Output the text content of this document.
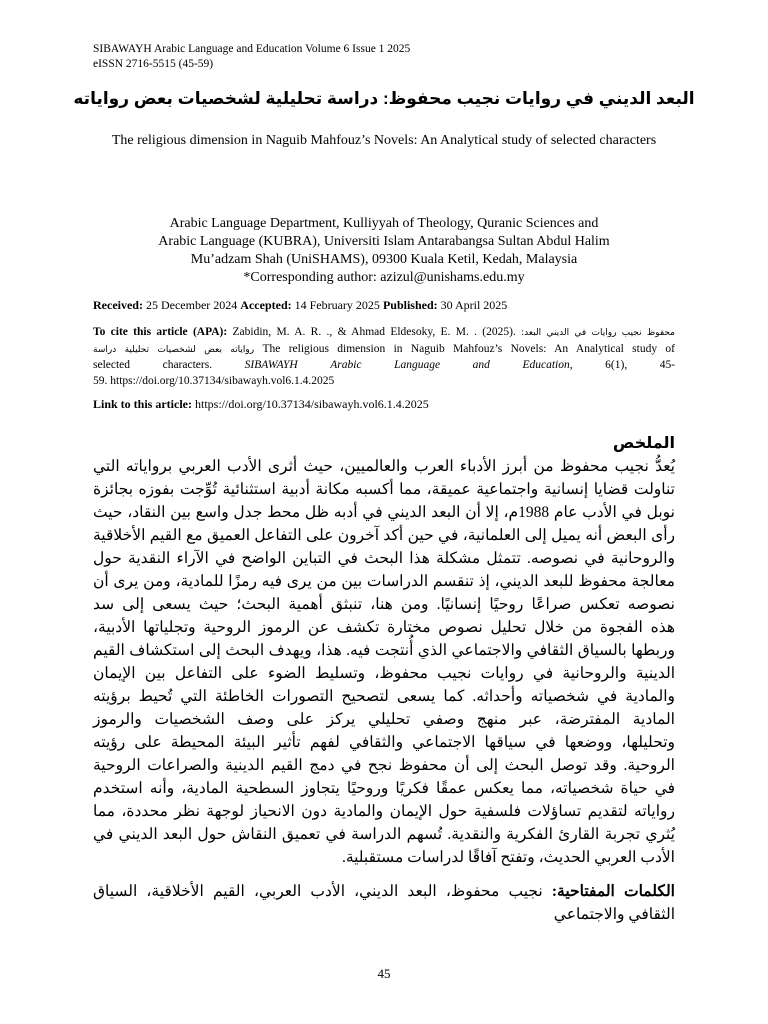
SIBAWAYH Arabic Language and Education Volume 6 Issue 1 2025
eISSN 2716-5515 (45-59)
البعد الديني في روايات نجيب محفوظ: دراسة تحليلية لشخصيات بعض رواياته
The religious dimension in Naguib Mahfouz’s Novels: An Analytical study of selected characters
Arabic Language Department, Kulliyyah of Theology, Quranic Sciences and
Arabic Language (KUBRA), Universiti Islam Antarabangsa Sultan Abdul Halim
Mu’adzam Shah (UniSHAMS), 09300 Kuala Ketil, Kedah, Malaysia
*Corresponding author: azizul@unishams.edu.my
Received: 25 December 2024 Accepted: 14 February 2025 Published: 30 April 2025
To cite this article (APA): Zabidin, M. A. R. ., & Ahmad Eldesoky, E. M. . (2025). محفوظ نجيب روايات في الديني البعد:
رواياته بعض لشخصيات تحليلية دراسة The religious dimension in Naguib Mahfouz’s Novels: An Analytical study of
selected	characters.	SIBAWAYH	Arabic	Language	and	Education,	6(1),	45-
59. https://doi.org/10.37134/sibawayh.vol6.1.4.2025
Link to this article: https://doi.org/10.37134/sibawayh.vol6.1.4.2025
الملخص
يُعدُّ نجيب محفوظ من أبرز الأدباء العرب والعالميين، حيث أثرى الأدب العربي برواياته التي
تناولت قضايا إنسانية واجتماعية عميقة، مما أكسبه مكانة أدبية استثنائية تُوِّجت بفوزه بجائزة
نوبل في الأدب عام 1988م، إلا أن البعد الديني في أدبه ظل محط جدل واسع بين النقاد، حيث
رأى البعض أنه يميل إلى العلمانية، في حين أكد آخرون على التفاعل العميق مع القيم الأخلاقية
والروحانية في نصوصه. تتمثل مشكلة هذا البحث في التباين الواضح في الآراء النقدية حول
معالجة محفوظ للبعد الديني، إذ تنقسم الدراسات بين من يرى فيه رمزًا للمادية، ومن يرى أن
نصوصه تعكس صراعًا روحيًا إنسانيًا. ومن هنا، تنبثق أهمية البحث؛ حيث يسعى إلى سد
هذه الفجوة من خلال تحليل نصوص مختارة تكشف عن الرموز الروحية وتجلياتها الأدبية،
وربطها بالسياق الثقافي والاجتماعي الذي أُنتجت فيه. هذا، ويهدف البحث إلى استكشاف القيم
الدينية والروحانية في روايات نجيب محفوظ، وتسليط الضوء على التفاعل بين الإيمان
والمادية في شخصياته وأحداثه. كما يسعى لتصحيح التصورات الخاطئة التي تُحيط برؤيته
المادية المفترضة، عبر منهج وصفي تحليلي يركز على وصف الشخصيات والرموز
وتحليلها، ووضعها في سياقها الاجتماعي والثقافي لفهم تأثير البيئة المحيطة على رؤيته
الروحية. وقد توصل البحث إلى أن محفوظ نجح في دمج القيم الدينية والصراعات الروحية
في حياة شخصياته، مما يعكس عمقًا فكريًا وروحيًا يتجاوز السطحية المادية، وأنه استخدم
رواياته لتقديم تساؤلات فلسفية حول الإيمان والمادية دون الانحياز لوجهة نظر محددة، مما
يُثري تجربة القارئ الفكرية والنقدية. تُسهم الدراسة في تعميق النقاش حول البعد الديني في
الأدب العربي الحديث، وتفتح آفاقًا لدراسات مستقبلية.
الكلمات المفتاحية: نجيب محفوظ، البعد الديني، الأدب العربي، القيم الأخلاقية، السياق
الثقافي والاجتماعي
45
